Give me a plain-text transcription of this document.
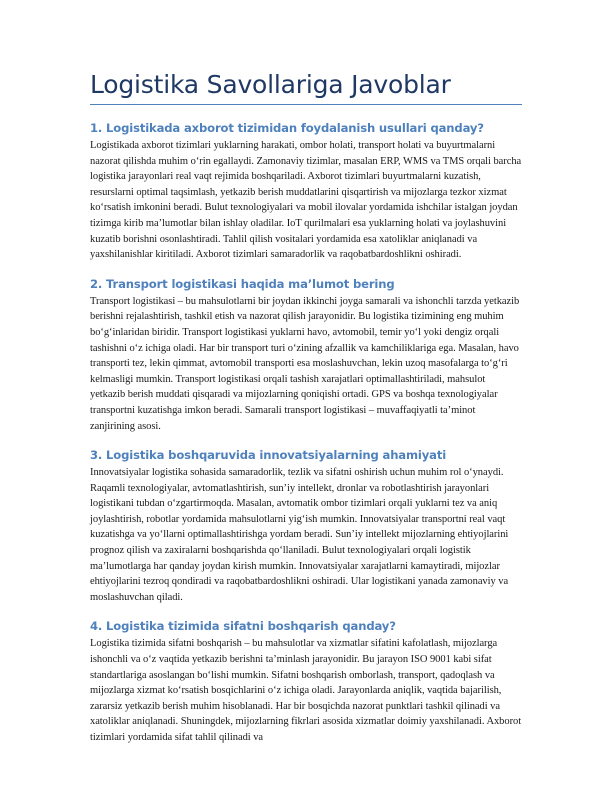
Logistika Savollariga Javoblar
1. Logistikada axborot tizimidan foydalanish usullari qanday?

Logistikada axborot tizimlari yuklarning harakati, ombor holati, transport holati va buyurtmalarni nazorat qilishda muhim o‘rin egallaydi. Zamonaviy tizimlar, masalan ERP, WMS va TMS orqali barcha logistika jarayonlari real vaqt rejimida boshqariladi. Axborot tizimlari buyurtmalarni kuzatish, resurslarni optimal taqsimlash, yetkazib berish muddatlarini qisqartirish va mijozlarga tezkor xizmat ko‘rsatish imkonini beradi. Bulut texnologiyalari va mobil ilovalar yordamida ishchilar istalgan joydan tizimga kirib ma’lumotlar bilan ishlay oladilar. IoT qurilmalari esa yuklarning holati va joylashuvini kuzatib borishni osonlashtiradi. Tahlil qilish vositalari yordamida esa xatoliklar aniqlanadi va yaxshilanishlar kiritiladi. Axborot tizimlari samaradorlik va raqobatbardoshlikni oshiradi.

2. Transport logistikasi haqida ma’lumot bering

Transport logistikasi – bu mahsulotlarni bir joydan ikkinchi joyga samarali va ishonchli tarzda yetkazib berishni rejalashtirish, tashkil etish va nazorat qilish jarayonidir. Bu logistika tizimining eng muhim bo‘g‘inlaridan biridir. Transport logistikasi yuklarni havo, avtomobil, temir yo‘l yoki dengiz orqali tashishni o‘z ichiga oladi. Har bir transport turi o‘zining afzallik va kamchiliklariga ega. Masalan, havo transporti tez, lekin qimmat, avtomobil transporti esa moslashuvchan, lekin uzoq masofalarga to‘g‘ri kelmasligi mumkin. Transport logistikasi orqali tashish xarajatlari optimallashtiriladi, mahsulot yetkazib berish muddati qisqaradi va mijozlarning qoniqishi ortadi. GPS va boshqa texnologiyalar transportni kuzatishga imkon beradi. Samarali transport logistikasi – muvaffaqiyatli ta’minot zanjirining asosi.

3. Logistika boshqaruvida innovatsiyalarning ahamiyati

Innovatsiyalar logistika sohasida samaradorlik, tezlik va sifatni oshirish uchun muhim rol o‘ynaydi. Raqamli texnologiyalar, avtomatlashtirish, sun’iy intellekt, dronlar va robotlashtirish jarayonlari logistikani tubdan o‘zgartirmoqda. Masalan, avtomatik ombor tizimlari orqali yuklarni tez va aniq joylashtirish, robotlar yordamida mahsulotlarni yig‘ish mumkin. Innovatsiyalar transportni real vaqt kuzatishga va yo‘llarni optimallashtirishga yordam beradi. Sun’iy intellekt mijozlarning ehtiyojlarini prognoz qilish va zaxiralarni boshqarishda qo‘llaniladi. Bulut texnologiyalari orqali logistik ma’lumotlarga har qanday joydan kirish mumkin. Innovatsiyalar xarajatlarni kamaytiradi, mijozlar ehtiyojlarini tezroq qondiradi va raqobatbardoshlikni oshiradi. Ular logistikani yanada zamonaviy va moslashuvchan qiladi.

4. Logistika tizimida sifatni boshqarish qanday?

Logistika tizimida sifatni boshqarish – bu mahsulotlar va xizmatlar sifatini kafolatlash, mijozlarga ishonchli va o‘z vaqtida yetkazib berishni ta’minlash jarayonidir. Bu jarayon ISO 9001 kabi sifat standartlariga asoslangan bo‘lishi mumkin. Sifatni boshqarish omborlash, transport, qadoqlash va mijozlarga xizmat ko‘rsatish bosqichlarini o‘z ichiga oladi. Jarayonlarda aniqlik, vaqtida bajarilish, zararsiz yetkazib berish muhim hisoblanadi. Har bir bosqichda nazorat punktlari tashkil qilinadi va xatoliklar aniqlanadi. Shuningdek, mijozlarning fikrlari asosida xizmatlar doimiy yaxshilanadi. Axborot tizimlari yordamida sifat tahlil qilinadi va
